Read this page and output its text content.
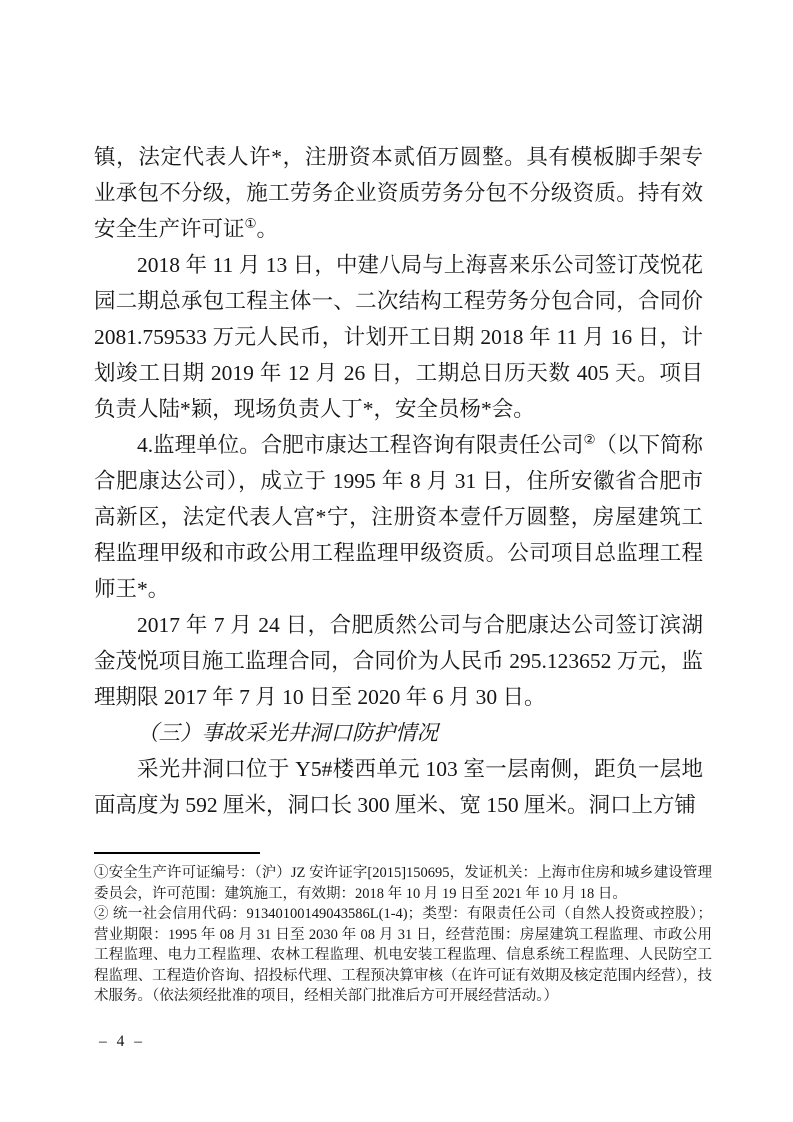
镇，法定代表人许*，注册资本贰佰万圆整。具有模板脚手架专业承包不分级，施工劳务企业资质劳务分包不分级资质。持有效安全生产许可证①。

2018 年 11 月 13 日，中建八局与上海喜来乐公司签订茂悦花园二期总承包工程主体一、二次结构工程劳务分包合同，合同价 2081.759533 万元人民币，计划开工日期 2018 年 11 月 16 日，计划竣工日期 2019 年 12 月 26 日，工期总日历天数 405 天。项目负责人陆*颖，现场负责人丁*，安全员杨*会。

4.监理单位。合肥市康达工程咨询有限责任公司②（以下简称合肥康达公司），成立于 1995 年 8 月 31 日，住所安徽省合肥市高新区，法定代表人宫*宁，注册资本壹仟万圆整，房屋建筑工程监理甲级和市政公用工程监理甲级资质。公司项目总监理工程师王*。

2017 年 7 月 24 日，合肥质然公司与合肥康达公司签订滨湖金茂悦项目施工监理合同，合同价为人民币 295.123652 万元，监理期限 2017 年 7 月 10 日至 2020 年 6 月 30 日。

（三）事故采光井洞口防护情况

采光井洞口位于 Y5#楼西单元 103 室一层南侧，距负一层地面高度为 592 厘米，洞口长 300 厘米、宽 150 厘米。洞口上方铺

①安全生产许可证编号：（沪）JZ 安许证字[2015]150695，发证机关：上海市住房和城乡建设管理委员会，许可范围：建筑施工，有效期：2018 年 10 月 19 日至 2021 年 10 月 18 日。

② 统一社会信用代码：91340100149043586L(1-4)；类型：有限责任公司（自然人投资或控股）；营业期限：1995 年 08 月 31 日至 2030 年 08 月 31 日，经营范围：房屋建筑工程监理、市政公用工程监理、电力工程监理、农林工程监理、机电安装工程监理、信息系统工程监理、人民防空工程监理、工程造价咨询、招投标代理、工程预决算审核（在许可证有效期及核定范围内经营），技术服务。（依法须经批准的项目，经相关部门批准后方可开展经营活动。）

– 4 –
